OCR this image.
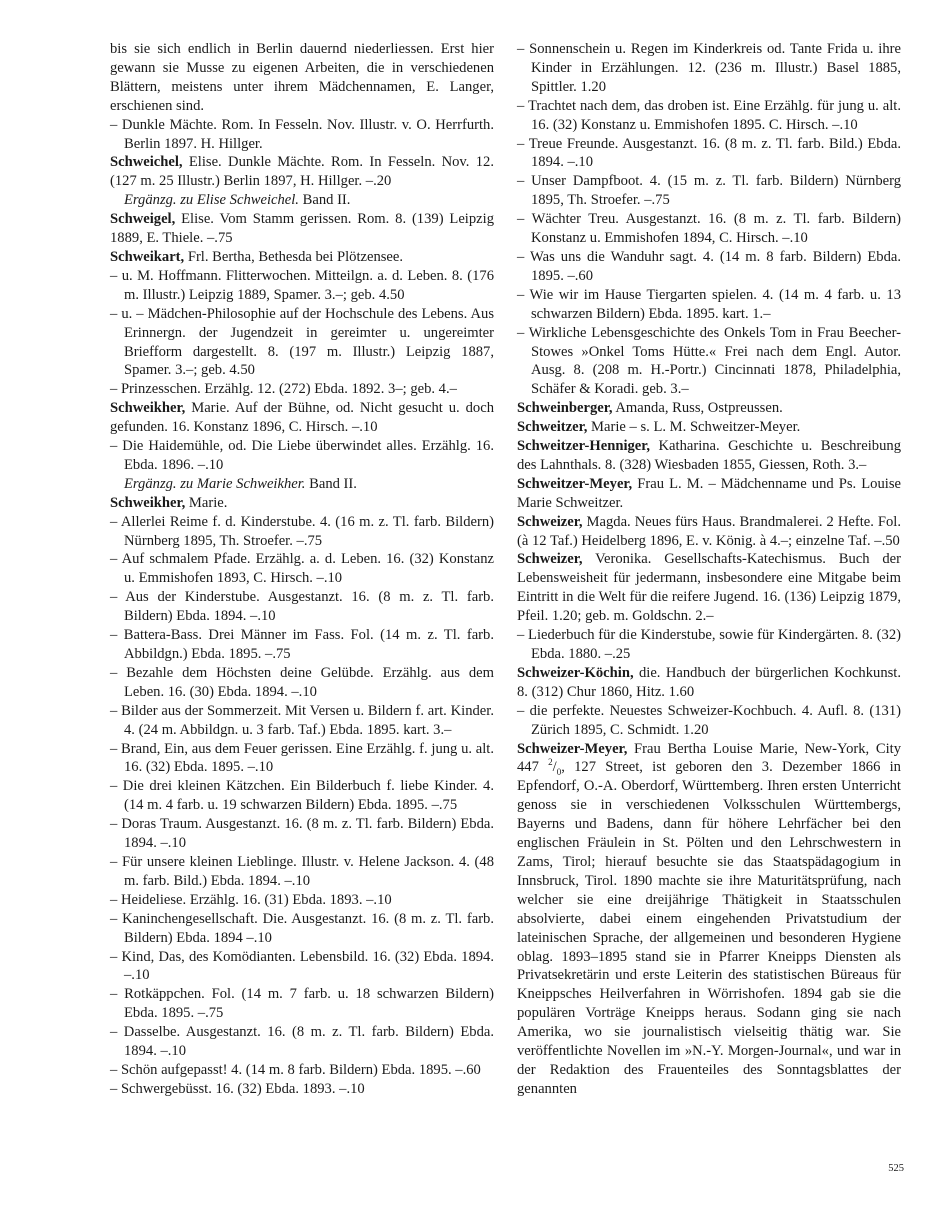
bis sie sich endlich in Berlin dauernd niederliessen. Erst hier gewann sie Musse zu eigenen Arbeiten, die in verschiedenen Blättern, meistens unter ihrem Mädchennamen, E. Langer, erschienen sind.

– Dunkle Mächte. Rom. In Fesseln. Nov. Illustr. v. O. Herrfurth. Berlin 1897. H. Hillger.

Schweichel, Elise. Dunkle Mächte. Rom. In Fesseln. Nov. 12. (127 m. 25 Illustr.) Berlin 1897, H. Hillger. –.20

Ergänzg. zu Elise Schweichel. Band II.

Schweigel, Elise. Vom Stamm gerissen. Rom. 8. (139) Leipzig 1889, E. Thiele. –.75

Schweikart, Frl. Bertha, Bethesda bei Plötzensee.

– u. M. Hoffmann. Flitterwochen. Mitteilgn. a. d. Leben. 8. (176 m. Illustr.) Leipzig 1889, Spamer. 3.–; geb. 4.50

– u. – Mädchen-Philosophie auf der Hochschule des Lebens. Aus Erinnergn. der Jugendzeit in gereimter u. ungereimter Briefform dargestellt. 8. (197 m. Illustr.) Leipzig 1887, Spamer. 3.–; geb. 4.50

– Prinzesschen. Erzählg. 12. (272) Ebda. 1892. 3–; geb. 4.–

Schweikher, Marie. Auf der Bühne, od. Nicht gesucht u. doch gefunden. 16. Konstanz 1896, C. Hirsch. –.10

– Die Haidemühle, od. Die Liebe überwindet alles. Erzählg. 16. Ebda. 1896. –.10

Ergänzg. zu Marie Schweikher. Band II.

Schweikher, Marie.

– Allerlei Reime f. d. Kinderstube. 4. (16 m. z. Tl. farb. Bildern) Nürnberg 1895, Th. Stroefer. –.75

– Auf schmalem Pfade. Erzählg. a. d. Leben. 16. (32) Konstanz u. Emmishofen 1893, C. Hirsch. –.10

– Aus der Kinderstube. Ausgestanzt. 16. (8 m. z. Tl. farb. Bildern) Ebda. 1894. –.10

– Battera-Bass. Drei Männer im Fass. Fol. (14 m. z. Tl. farb. Abbildgn.) Ebda. 1895. –.75

– Bezahle dem Höchsten deine Gelübde. Erzählg. aus dem Leben. 16. (30) Ebda. 1894. –.10

– Bilder aus der Sommerzeit. Mit Versen u. Bildern f. art. Kinder. 4. (24 m. Abbildgn. u. 3 farb. Taf.) Ebda. 1895. kart. 3.–

– Brand, Ein, aus dem Feuer gerissen. Eine Erzählg. f. jung u. alt. 16. (32) Ebda. 1895. –.10

– Die drei kleinen Kätzchen. Ein Bilderbuch f. liebe Kinder. 4. (14 m. 4 farb. u. 19 schwarzen Bildern) Ebda. 1895. –.75

– Doras Traum. Ausgestanzt. 16. (8 m. z. Tl. farb. Bildern) Ebda. 1894. –.10

– Für unsere kleinen Lieblinge. Illustr. v. Helene Jackson. 4. (48 m. farb. Bild.) Ebda. 1894. –.10

– Heideliese. Erzählg. 16. (31) Ebda. 1893. –.10

– Kaninchengesellschaft. Die. Ausgestanzt. 16. (8 m. z. Tl. farb. Bildern) Ebda. 1894 –.10

– Kind, Das, des Komödianten. Lebensbild. 16. (32) Ebda. 1894. –.10

– Rotkäppchen. Fol. (14 m. 7 farb. u. 18 schwarzen Bildern) Ebda. 1895. –.75

– Dasselbe. Ausgestanzt. 16. (8 m. z. Tl. farb. Bildern) Ebda. 1894. –.10

– Schön aufgepasst! 4. (14 m. 8 farb. Bildern) Ebda. 1895. –.60

– Schwergebüsst. 16. (32) Ebda. 1893. –.10

– Sonnenschein u. Regen im Kinderkreis od. Tante Frida u. ihre Kinder in Erzählungen. 12. (236 m. Illustr.) Basel 1885, Spittler. 1.20

– Trachtet nach dem, das droben ist. Eine Erzählg. für jung u. alt. 16. (32) Konstanz u. Emmishofen 1895. C. Hirsch. –.10

– Treue Freunde. Ausgestanzt. 16. (8 m. z. Tl. farb. Bild.) Ebda. 1894. –.10

– Unser Dampfboot. 4. (15 m. z. Tl. farb. Bildern) Nürnberg 1895, Th. Stroefer. –.75

– Wächter Treu. Ausgestanzt. 16. (8 m. z. Tl. farb. Bildern) Konstanz u. Emmishofen 1894, C. Hirsch. –.10

– Was uns die Wanduhr sagt. 4. (14 m. 8 farb. Bildern) Ebda. 1895. –.60

– Wie wir im Hause Tiergarten spielen. 4. (14 m. 4 farb. u. 13 schwarzen Bildern) Ebda. 1895. kart. 1.–

– Wirkliche Lebensgeschichte des Onkels Tom in Frau Beecher-Stowes »Onkel Toms Hütte.« Frei nach dem Engl. Autor. Ausg. 8. (208 m. H.-Portr.) Cincinnati 1878, Philadelphia, Schäfer & Koradi. geb. 3.–

Schweinberger, Amanda, Russ, Ostpreussen.

Schweitzer, Marie – s. L. M. Schweitzer-Meyer.

Schweitzer-Henniger, Katharina. Geschichte u. Beschreibung des Lahnthals. 8. (328) Wiesbaden 1855, Giessen, Roth. 3.–

Schweitzer-Meyer, Frau L. M. – Mädchenname und Ps. Louise Marie Schweitzer.

Schweizer, Magda. Neues fürs Haus. Brandmalerei. 2 Hefte. Fol. (à 12 Taf.) Heidelberg 1896, E. v. König. à 4.–; einzelne Taf. –.50

Schweizer, Veronika. Gesellschafts-Katechismus. Buch der Lebensweisheit für jedermann, insbesondere eine Mitgabe beim Eintritt in die Welt für die reifere Jugend. 16. (136) Leipzig 1879, Pfeil. 1.20; geb. m. Goldschn. 2.–

– Liederbuch für die Kinderstube, sowie für Kindergärten. 8. (32) Ebda. 1880. –.25

Schweizer-Köchin, die. Handbuch der bürgerlichen Kochkunst. 8. (312) Chur 1860, Hitz. 1.60

– die perfekte. Neuestes Schweizer-Kochbuch. 4. Aufl. 8. (131) Zürich 1895, C. Schmidt. 1.20

Schweizer-Meyer, Frau Bertha Louise Marie, New-York, City 447 $^2/_0$, 127 Street, ist geboren den 3. Dezember 1866 in Epfendorf, O.-A. Oberdorf, Württemberg. Ihren ersten Unterricht genoss sie in verschiedenen Volksschulen Württembergs, Bayerns und Badens, dann für höhere Lehrfächer bei den englischen Fräulein in St. Pölten und den Lehrschwestern in Zams, Tirol; hierauf besuchte sie das Staatspädagogium in Innsbruck, Tirol. 1890 machte sie ihre Maturitätsprüfung, nach welcher sie eine dreijährige Thätigkeit in Staatsschulen absolvierte, dabei einem eingehenden Privatstudium der lateinischen Sprache, der allgemeinen und besonderen Hygiene oblag. 1893–1895 stand sie in Pfarrer Kneipps Diensten als Privatsekretärin und erste Leiterin des statistischen Büreaus für Kneippsches Heilverfahren in Wörrishofen. 1894 gab sie die populären Vorträge Kneipps heraus. Sodann ging sie nach Amerika, wo sie journalistisch vielseitig thätig war. Sie veröffentlichte Novellen im »N.-Y. Morgen-Journal«, und war in der Redaktion des Frauenteiles des Sonntagsblattes der genannten

525
